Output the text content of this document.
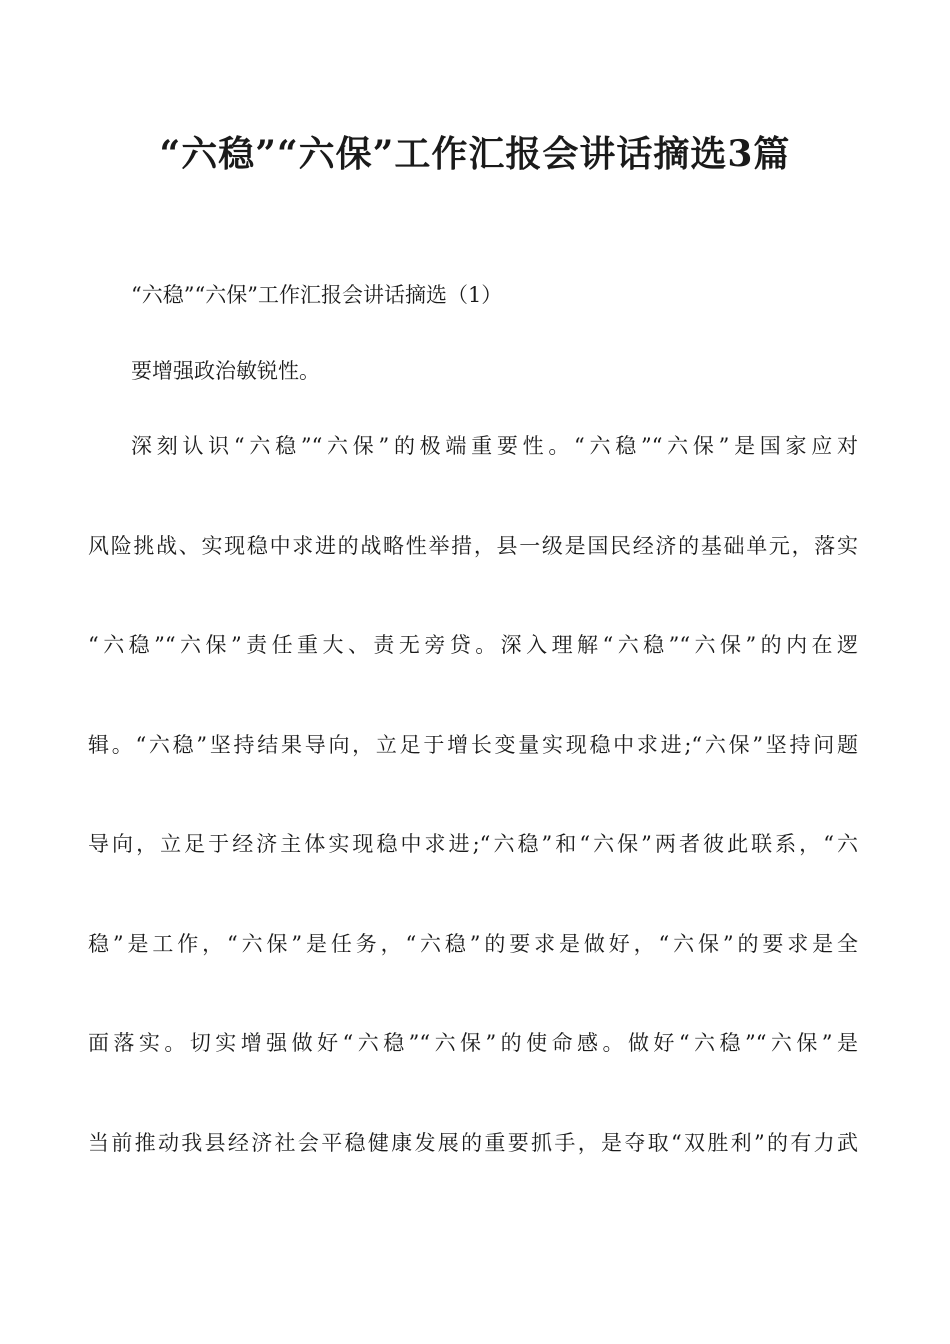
“六稳”“六保”工作汇报会讲话摘选3篇

“六稳”“六保”工作汇报会讲话摘选（1）

要增强政治敏锐性。

深刻认识“六稳”“六保”的极端重要性。“六稳”“六保”是国家应对

风险挑战、实现稳中求进的战略性举措，县一级是国民经济的基础单元，落实

“六稳”“六保”责任重大、责无旁贷。深入理解“六稳”“六保”的内在逻

辑。“六稳”坚持结果导向，立足于增长变量实现稳中求进;“六保”坚持问题

导向，立足于经济主体实现稳中求进;“六稳”和“六保”两者彼此联系，“六

稳”是工作，“六保”是任务，“六稳”的要求是做好，“六保”的要求是全

面落实。切实增强做好“六稳”“六保”的使命感。做好“六稳”“六保”是

当前推动我县经济社会平稳健康发展的重要抓手，是夺取“双胜利”的有力武
